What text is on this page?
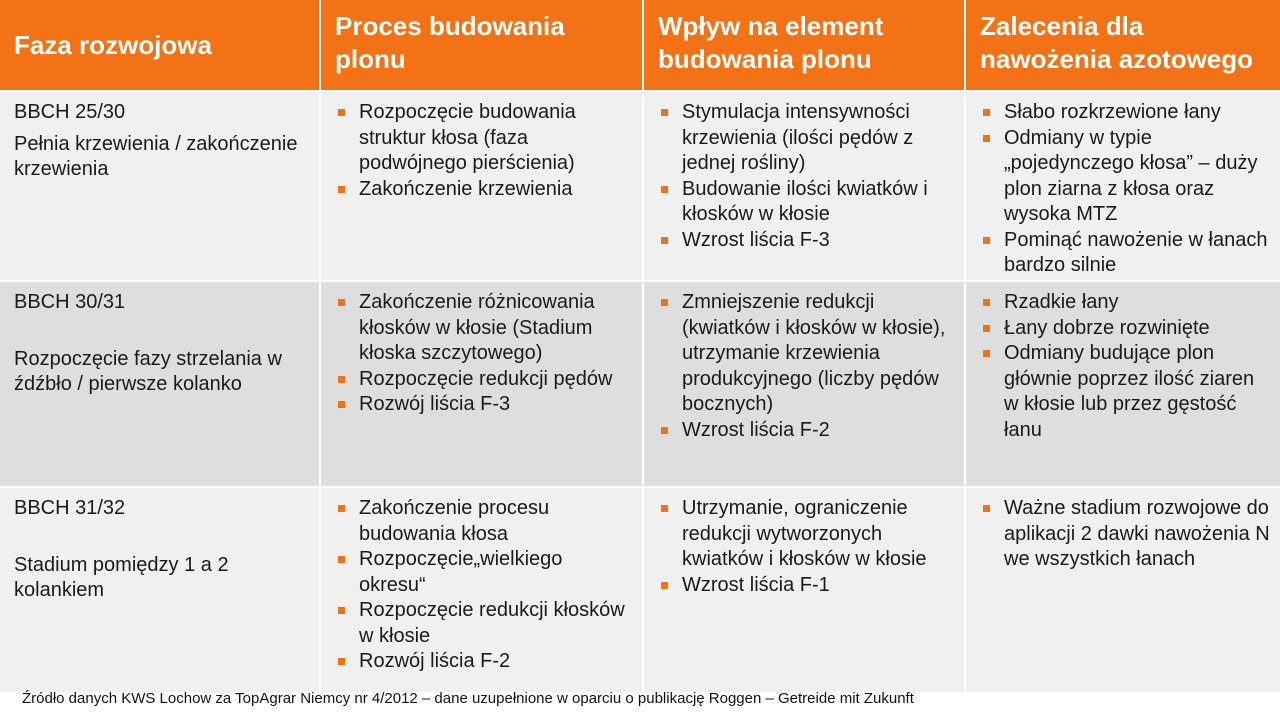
Faza rozwojowa
Proces budowania plonu
Wpływ na element budowania plonu
Zalecenia dla nawożenia azotowego
BBCH 25/30
Pełnia krzewienia / zakończenie krzewienia
Rozpoczęcie budowania struktur kłosa (faza podwójnego pierścienia)
Zakończenie krzewienia
Stymulacja intensywności krzewienia (ilości pędów z jednej rośliny)
Budowanie ilości kwiatków i kłosków w kłosie
Wzrost liścia F-3
Słabo rozkrzewione łany
Odmiany w typie „pojedynczego kłosa” – duży plon ziarna z kłosa oraz wysoka MTZ
Pominąć nawożenie w łanach bardzo silnie
BBCH 30/31
Rozpoczęcie fazy strzelania w źdźbło / pierwsze kolanko
Zakończenie różnicowania kłosków w kłosie (Stadium kłoska szczytowego)
Rozpoczęcie redukcji pędów
Rozwój liścia F-3
Zmniejszenie redukcji (kwiatków i kłosków w kłosie), utrzymanie krzewienia produkcyjnego (liczby pędów bocznych)
Wzrost liścia F-2
Rzadkie łany
Łany dobrze rozwinięte
Odmiany budujące plon głównie poprzez ilość ziaren w kłosie lub przez gęstość łanu
BBCH 31/32
Stadium pomiędzy 1 a 2 kolankiem
Zakończenie procesu budowania kłosa
Rozpoczęcie„wielkiego okresu“
Rozpoczęcie redukcji kłosków w kłosie
Rozwój liścia F-2
Utrzymanie, ograniczenie redukcji wytworzonych kwiatków i kłosków w kłosie
Wzrost liścia F-1
Ważne stadium rozwojowe do aplikacji 2 dawki nawożenia N we wszystkich łanach
Źródło danych KWS Lochow za TopAgrar Niemcy nr 4/2012 – dane uzupełnione w oparciu o publikację Roggen – Getreide mit Zukunft
